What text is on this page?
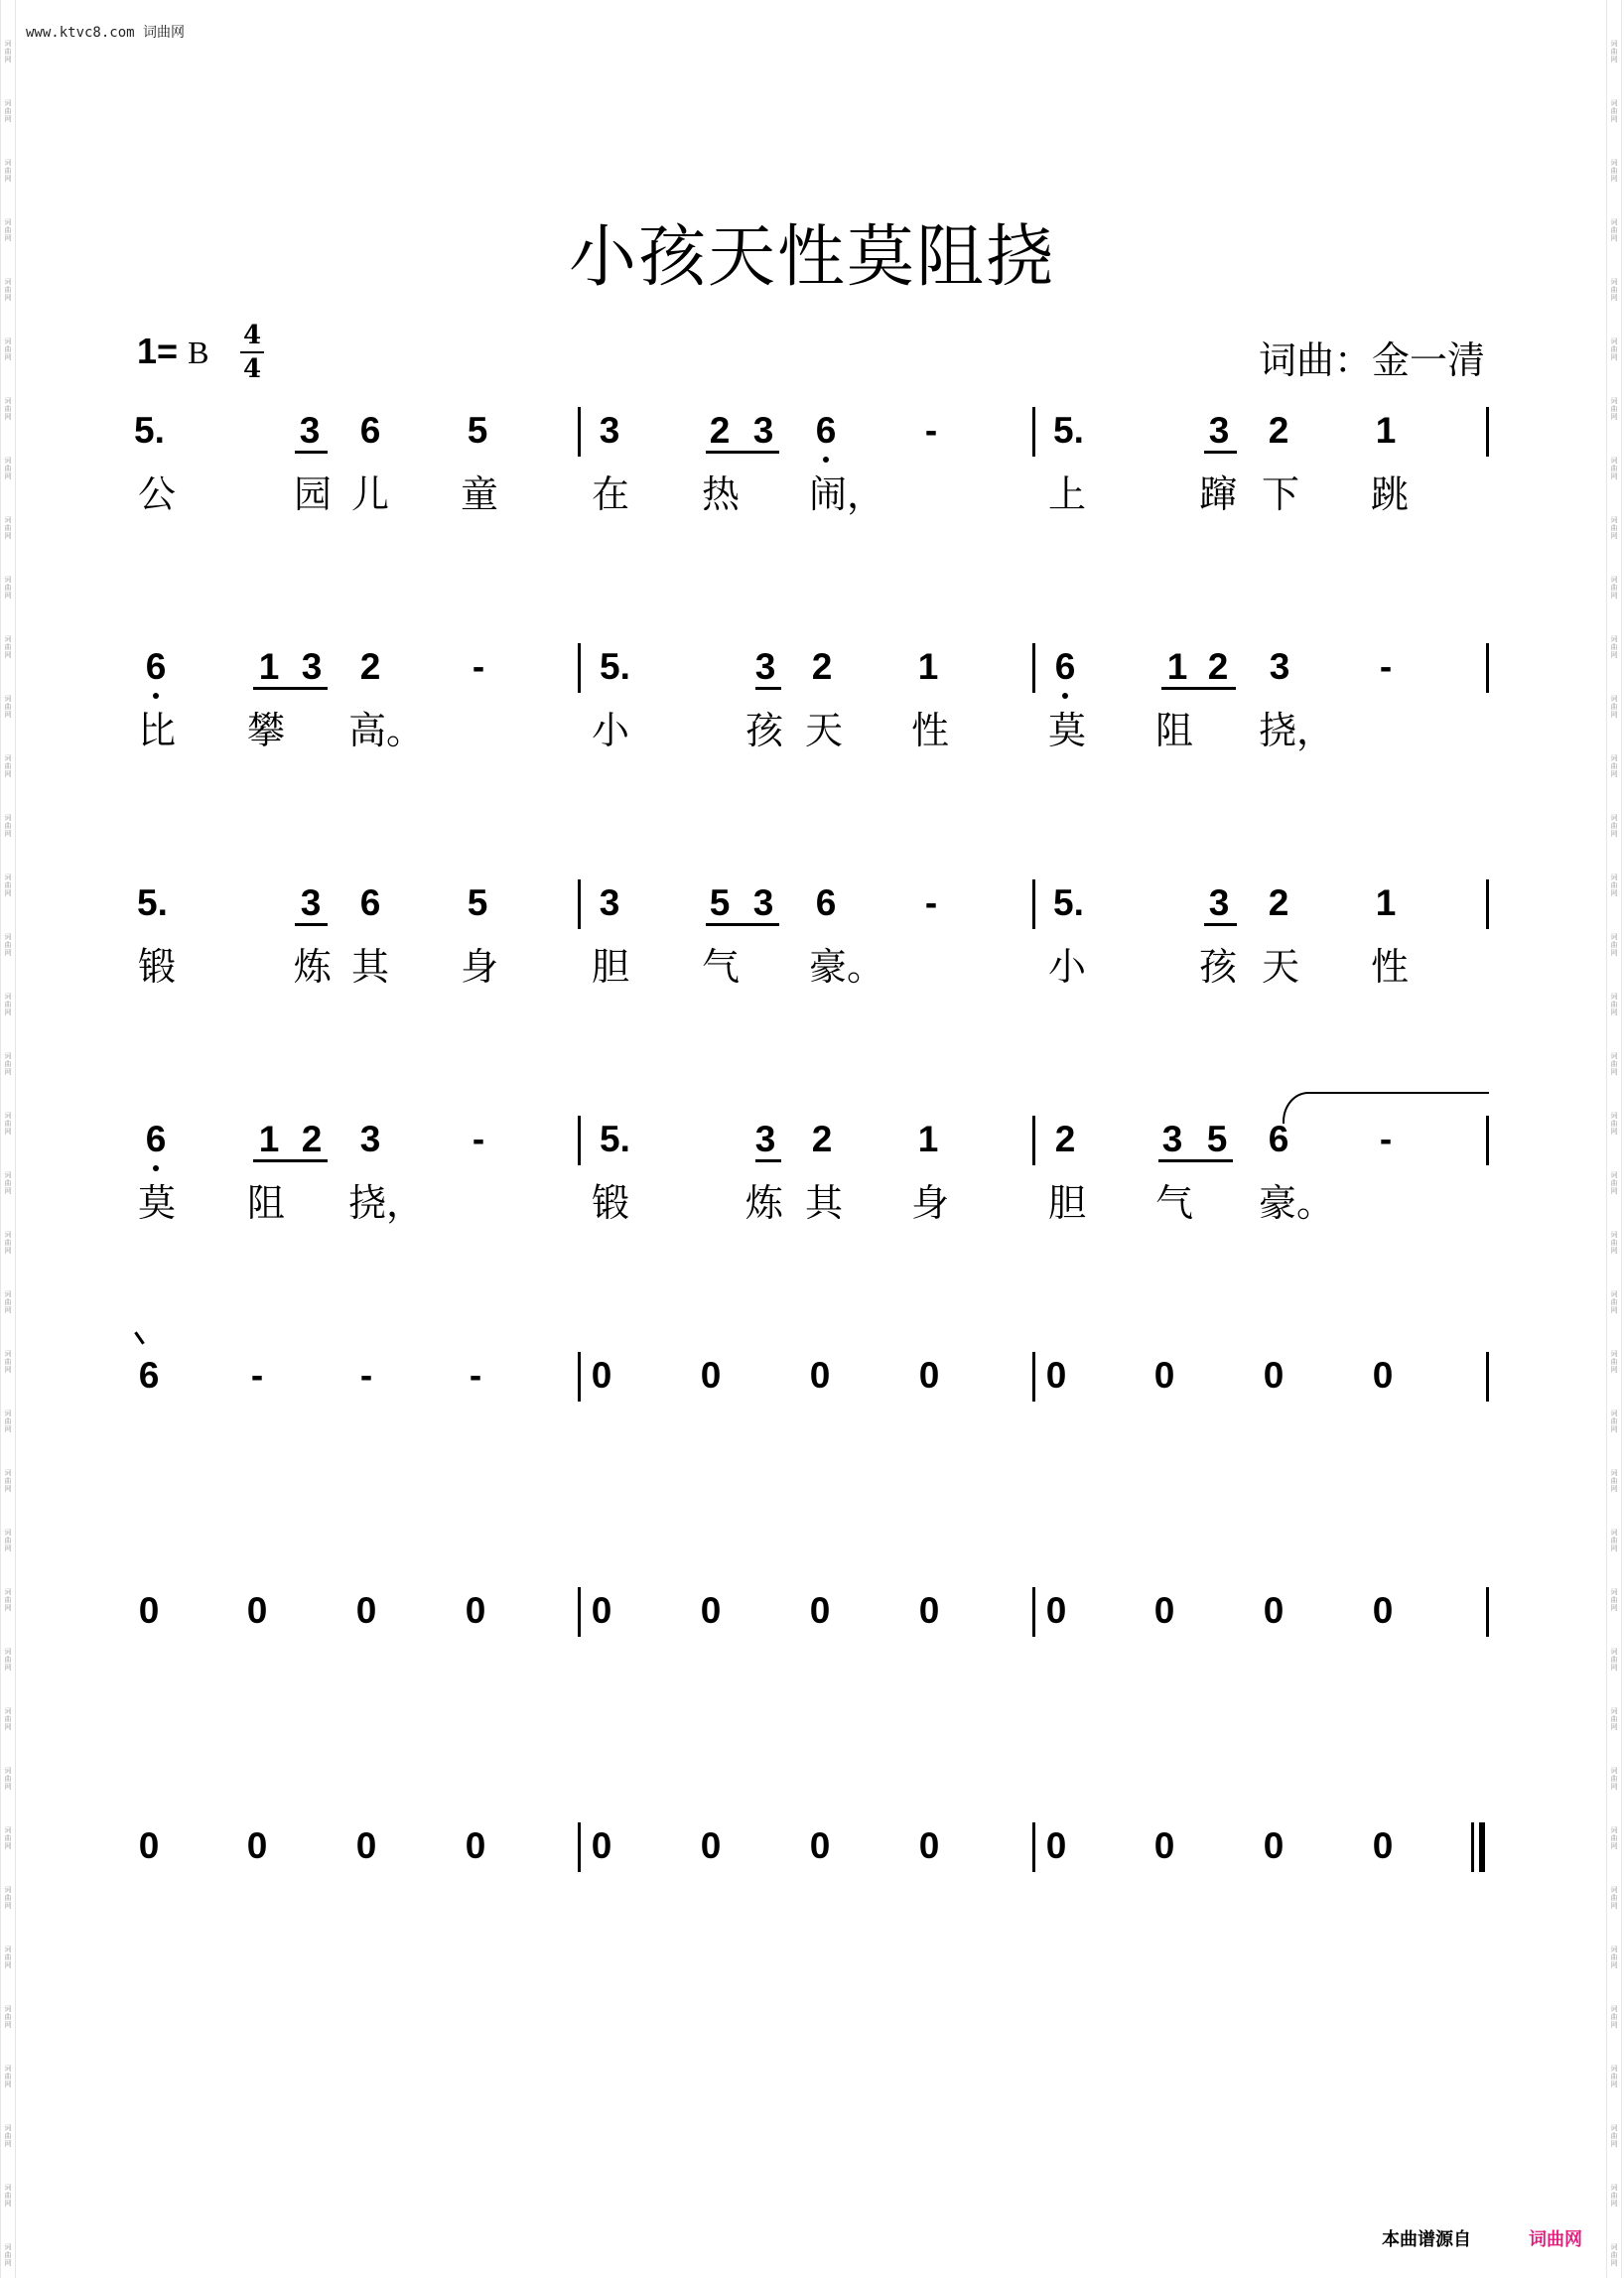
词曲网
词曲网
词曲网
词曲网
词曲网
词曲网
词曲网
词曲网
词曲网
词曲网
词曲网
词曲网
词曲网
词曲网
词曲网
词曲网
词曲网
词曲网
词曲网
词曲网
词曲网
词曲网
词曲网
词曲网
词曲网
词曲网
词曲网
词曲网
词曲网
词曲网
词曲网
词曲网
词曲网
词曲网
词曲网
词曲网
词曲网
词曲网
词曲网
词曲网
词曲网
词曲网
词曲网
词曲网
词曲网
词曲网
词曲网
词曲网
词曲网
词曲网
词曲网
词曲网
词曲网
词曲网
词曲网
词曲网
词曲网
词曲网
词曲网
词曲网
词曲网
词曲网
词曲网
词曲网
词曲网
词曲网
词曲网
词曲网
词曲网
词曲网
词曲网
词曲网
词曲网
词曲网
词曲网
词曲网
www.ktvc8.com 词曲网
小孩天性莫阻挠
1= B 4
4	词曲：金一清
5.	3 6 5	3 2 3 6 -	5.	3 2 1
公	园 儿 童 在 热 闹，	上	蹿 下 跳
6	1 3 2	-	5.	3 2 1	6 1 2 3 -
比 攀 高。	小	孩 天 性	莫 阻 挠，
5.	3 6 5	3 5 3 6 -	5.	3 2 1
锻	炼 其 身 胆 气 豪。	小	孩 天 性
6	1 2 3	-	5.	3 2 1	2 3 5 6 -
莫 阻 挠，	锻	炼 其 身	胆 气 豪。
6	-	-	-	0 0 0 0	0 0 0 0
0 0 0 0	0 0 0 0	0 0 0 0
0 0 0 0	0 0 0 0	0 0 0 0
本曲谱源自	词曲网
